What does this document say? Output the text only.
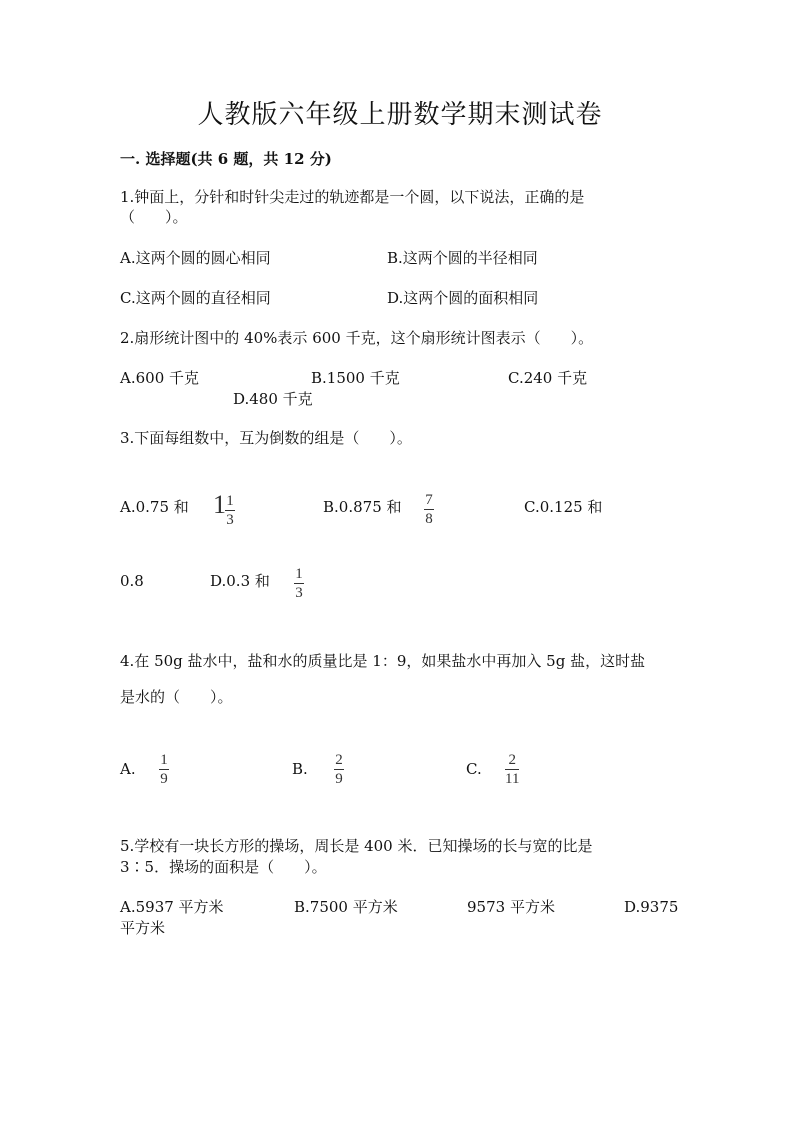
人教版六年级上册数学期末测试卷
一. 选择题(共 6 题，共 12 分)
1.钟面上，分针和时针尖走过的轨迹都是一个圆，以下说法，正确的是
（　　）。
A.这两个圆的圆心相同	B.这两个圆的半径相同
C.这两个圆的直径相同	D.这两个圆的面积相同
2.扇形统计图中的 40%表示 600 千克，这个扇形统计图表示（　　）。
A.600 千克	B.1500 千克	C.240 千克
D.480 千克
3.下面每组数中，互为倒数的组是（　　）。
A.0.75 和 1 1
3
B.0.875 和 7
8
C.0.125 和
0.8	D.0.3 和 1
3
4.在 50g 盐水中，盐和水的质量比是 1：9，如果盐水中再加入 5g 盐，这时盐
是水的（　　）。
A. 1
9
B. 2
9
C. 2
11
5.学校有一块长方形的操场，周长是 400 米．已知操场的长与宽的比是
3∶5．操场的面积是（　　）。
A.5937 平方米	B.7500 平方米	9573 平方米	D.9375
平方米
